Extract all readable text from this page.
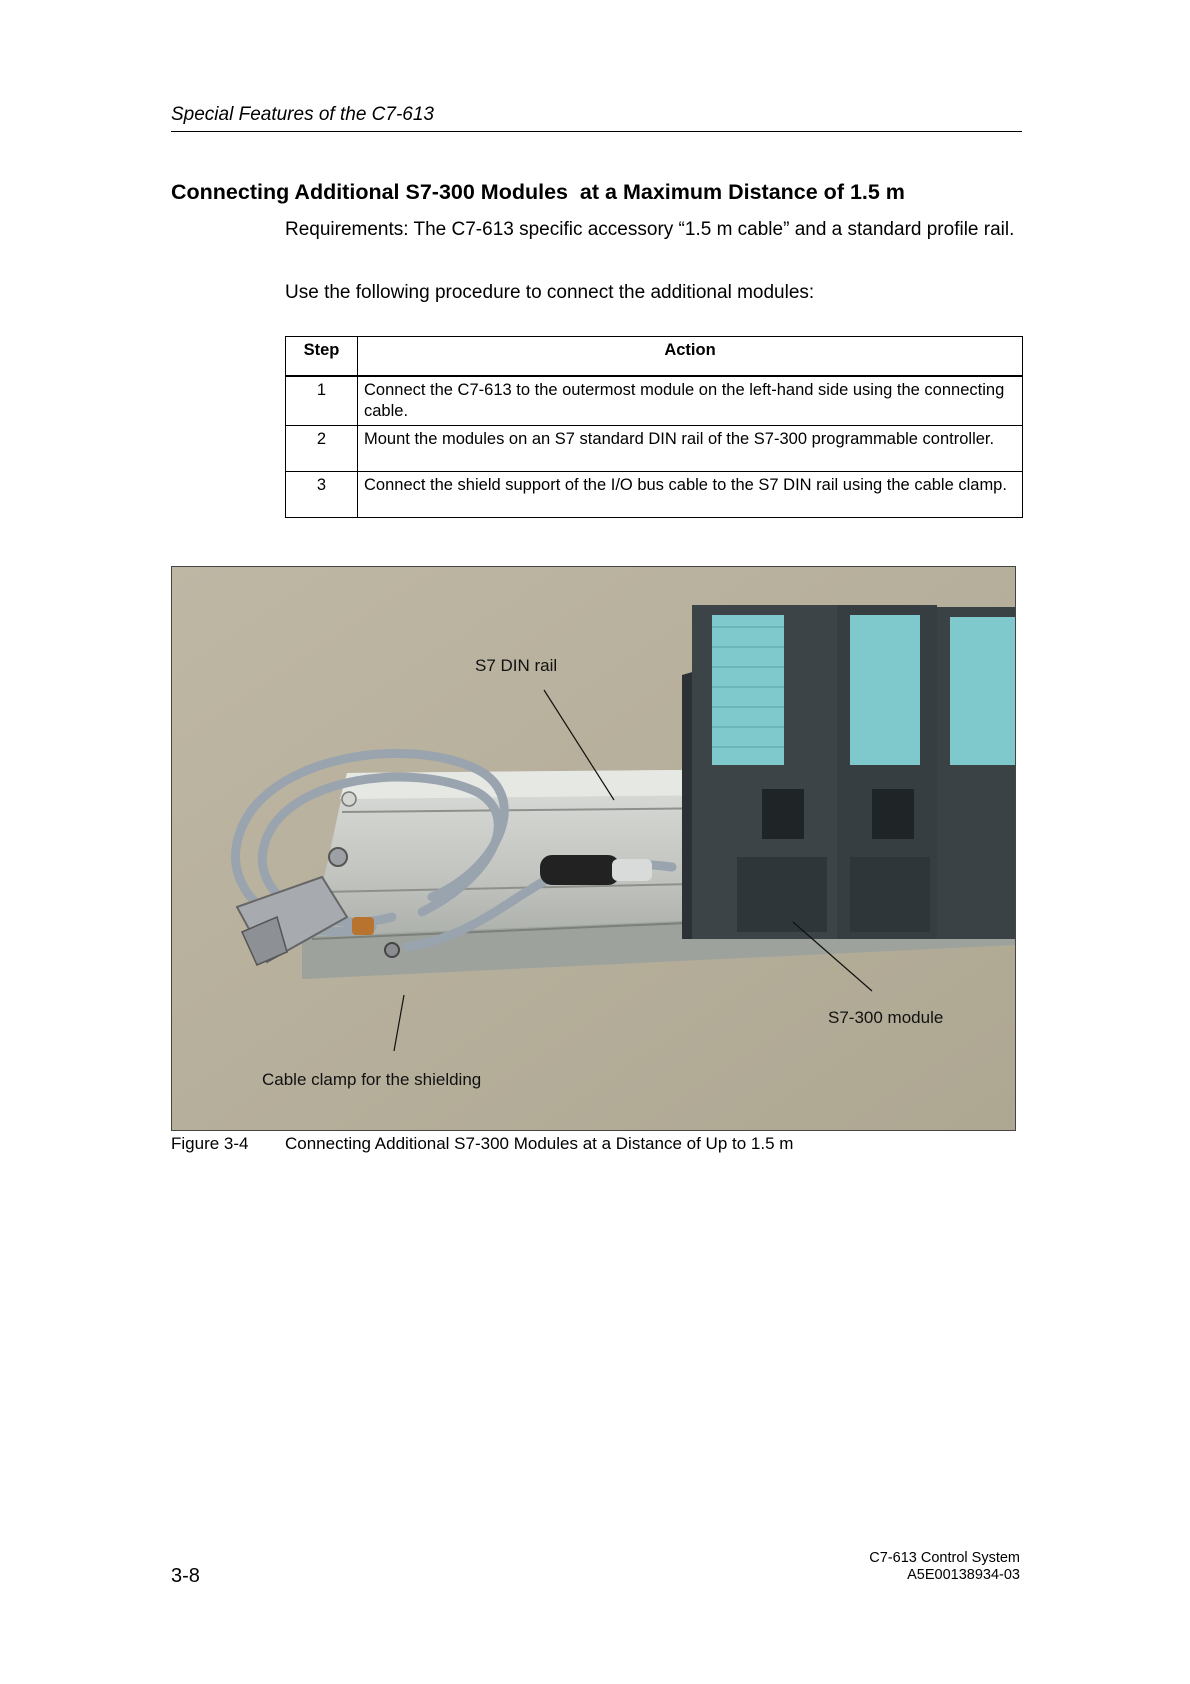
Special Features of the C7-613
Connecting Additional S7-300 Modules  at a Maximum Distance of 1.5 m
Requirements: The C7-613 specific accessory “1.5 m cable” and a standard profile rail.
Use the following procedure to connect the additional modules:
Step	Action
1	Connect the C7-613 to the outermost module on the left-hand side using the connecting cable.
2	Mount the modules on an S7 standard DIN rail of the S7-300 programmable controller.
3	Connect the shield support of the I/O bus cable to the S7 DIN rail using the cable clamp.
S7 DIN rail
S7-300 module
Cable clamp for the shielding
Figure 3-4 Connecting Additional S7-300 Modules at a Distance of Up to 1.5 m
3-8
C7-613 Control System
A5E00138934-03
